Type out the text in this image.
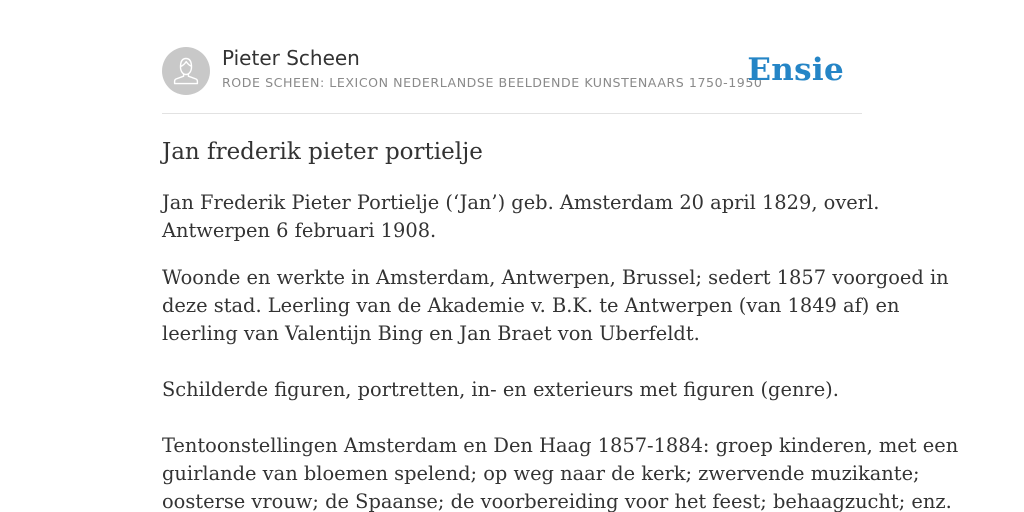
Pieter Scheen
RODE SCHEEN: LEXICON NEDERLANDSE BEELDENDE KUNSTENAARS 1750-1950
Ensie
Jan frederik pieter portielje

Jan Frederik Pieter Portielje (‘Jan’) geb. Amsterdam 20 april 1829, overl.

Antwerpen 6 februari 1908.

Woonde en werkte in Amsterdam, Antwerpen, Brussel; sedert 1857 voorgoed in

deze stad. Leerling van de Akademie v. B.K. te Antwerpen (van 1849 af) en

leerling van Valentijn Bing en Jan Braet von Uberfeldt.

Schilderde figuren, portretten, in- en exterieurs met figuren (genre).

Tentoonstellingen Amsterdam en Den Haag 1857-1884: groep kinderen, met een

guirlande van bloemen spelend; op weg naar de kerk; zwervende muzikante;

oosterse vrouw; de Spaanse; de voorbereiding voor het feest; behaagzucht; enz.
